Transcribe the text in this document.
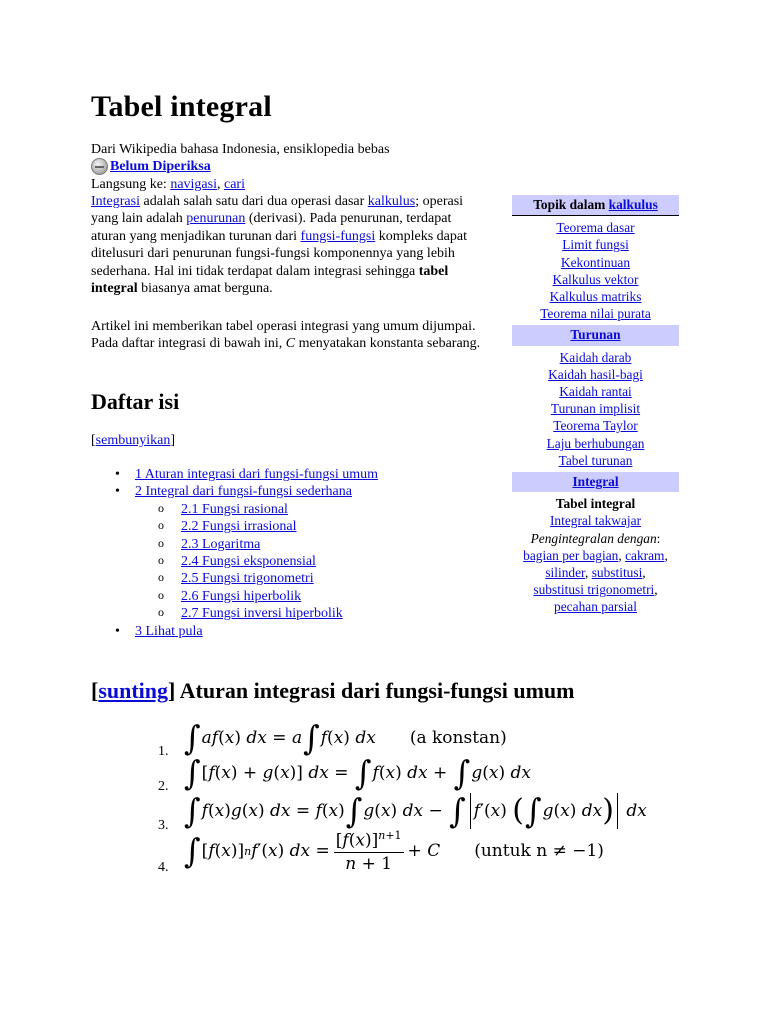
Tabel integral
Dari Wikipedia bahasa Indonesia, ensiklopedia bebas
Belum Diperiksa
Langsung ke: navigasi, cari

Integrasi adalah salah satu dari dua operasi dasar kalkulus; operasi yang lain adalah penurunan (derivasi). Pada penurunan, terdapat aturan yang menjadikan turunan dari fungsi-fungsi kompleks dapat ditelusuri dari penurunan fungsi-fungsi komponennya yang lebih sederhana. Hal ini tidak terdapat dalam integrasi sehingga tabel integral biasanya amat berguna.

Artikel ini memberikan tabel operasi integrasi yang umum dijumpai. Pada daftar integrasi di bawah ini, C menyatakan konstanta sebarang.

Daftar isi
[sembunyikan]
• 1 Aturan integrasi dari fungsi-fungsi umum
• 2 Integral dari fungsi-fungsi sederhana
o 2.1 Fungsi rasional
o 2.2 Fungsi irrasional
o 2.3 Logaritma
o 2.4 Fungsi eksponensial
o 2.5 Fungsi trigonometri
o 2.6 Fungsi hiperbolik
o 2.7 Fungsi inversi hiperbolik
• 3 Lihat pula
Topik dalam kalkulus
Teorema dasar
Limit fungsi
Kekontinuan
Kalkulus vektor
Kalkulus matriks
Teorema nilai purata
Turunan
Kaidah darab
Kaidah hasil-bagi
Kaidah rantai
Turunan implisit
Teorema Taylor
Laju berhubungan
Tabel turunan
Integral
Tabel integral
Integral takwajar
Pengintegralan dengan:
bagian per bagian, cakram,
silinder, substitusi,
substitusi trigonometri,
pecahan parsial
[sunting] Aturan integrasi dari fungsi-fungsi umum
1. ∫ af ( x ) dx = a ∫ f ( x ) dx (a konstan)
2. ∫ [ f ( x ) + g ( x )] dx = ∫ f ( x ) dx + ∫ g ( x ) dx
3. ∫ f ( x ) g ( x ) dx = f ( x ) ∫ g ( x ) dx − ∫ f ′( x ) ( ∫ g ( x ) dx )
dx
4. ∫ [ f ( x )] n f ′( x ) dx = $\frac{[f(x)]^{n+1}}{n + 1} + C$ (untuk n ≠ −1)
